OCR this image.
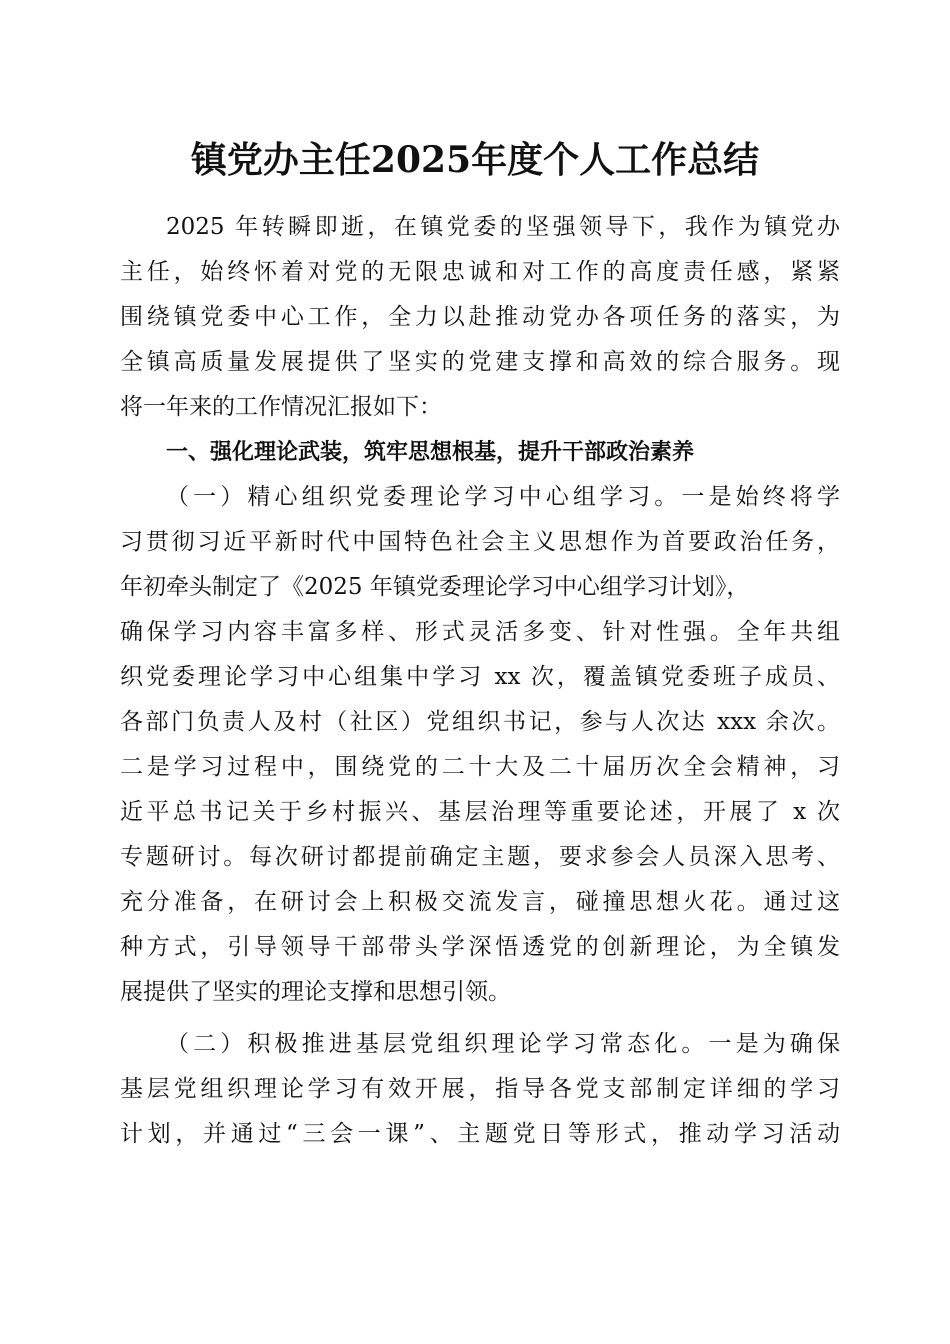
镇党办主任2025年度个人工作总结
2025 年转瞬即逝，在镇党委的坚强领导下，我作为镇党办
主任，始终怀着对党的无限忠诚和对工作的高度责任感，紧紧
围绕镇党委中心工作，全力以赴推动党办各项任务的落实，为
全镇高质量发展提供了坚实的党建支撑和高效的综合服务。现
将一年来的工作情况汇报如下：
一、强化理论武装，筑牢思想根基，提升干部政治素养
（一）精心组织党委理论学习中心组学习。一是始终将学
习贯彻习近平新时代中国特色社会主义思想作为首要政治任务，
年初牵头制定了《2025 年镇党委理论学习中心组学习计划》，
确保学习内容丰富多样、形式灵活多变、针对性强。全年共组
织党委理论学习中心组集中学习 xx 次，覆盖镇党委班子成员、
各部门负责人及村（社区）党组织书记，参与人次达 xxx 余次。
二是学习过程中，围绕党的二十大及二十届历次全会精神，习
近平总书记关于乡村振兴、基层治理等重要论述，开展了 x 次
专题研讨。每次研讨都提前确定主题，要求参会人员深入思考、
充分准备，在研讨会上积极交流发言，碰撞思想火花。通过这
种方式，引导领导干部带头学深悟透党的创新理论，为全镇发
展提供了坚实的理论支撑和思想引领。
（二）积极推进基层党组织理论学习常态化。一是为确保
基层党组织理论学习有效开展，指导各党支部制定详细的学习
计划，并通过“三会一课”、主题党日等形式，推动学习活动
